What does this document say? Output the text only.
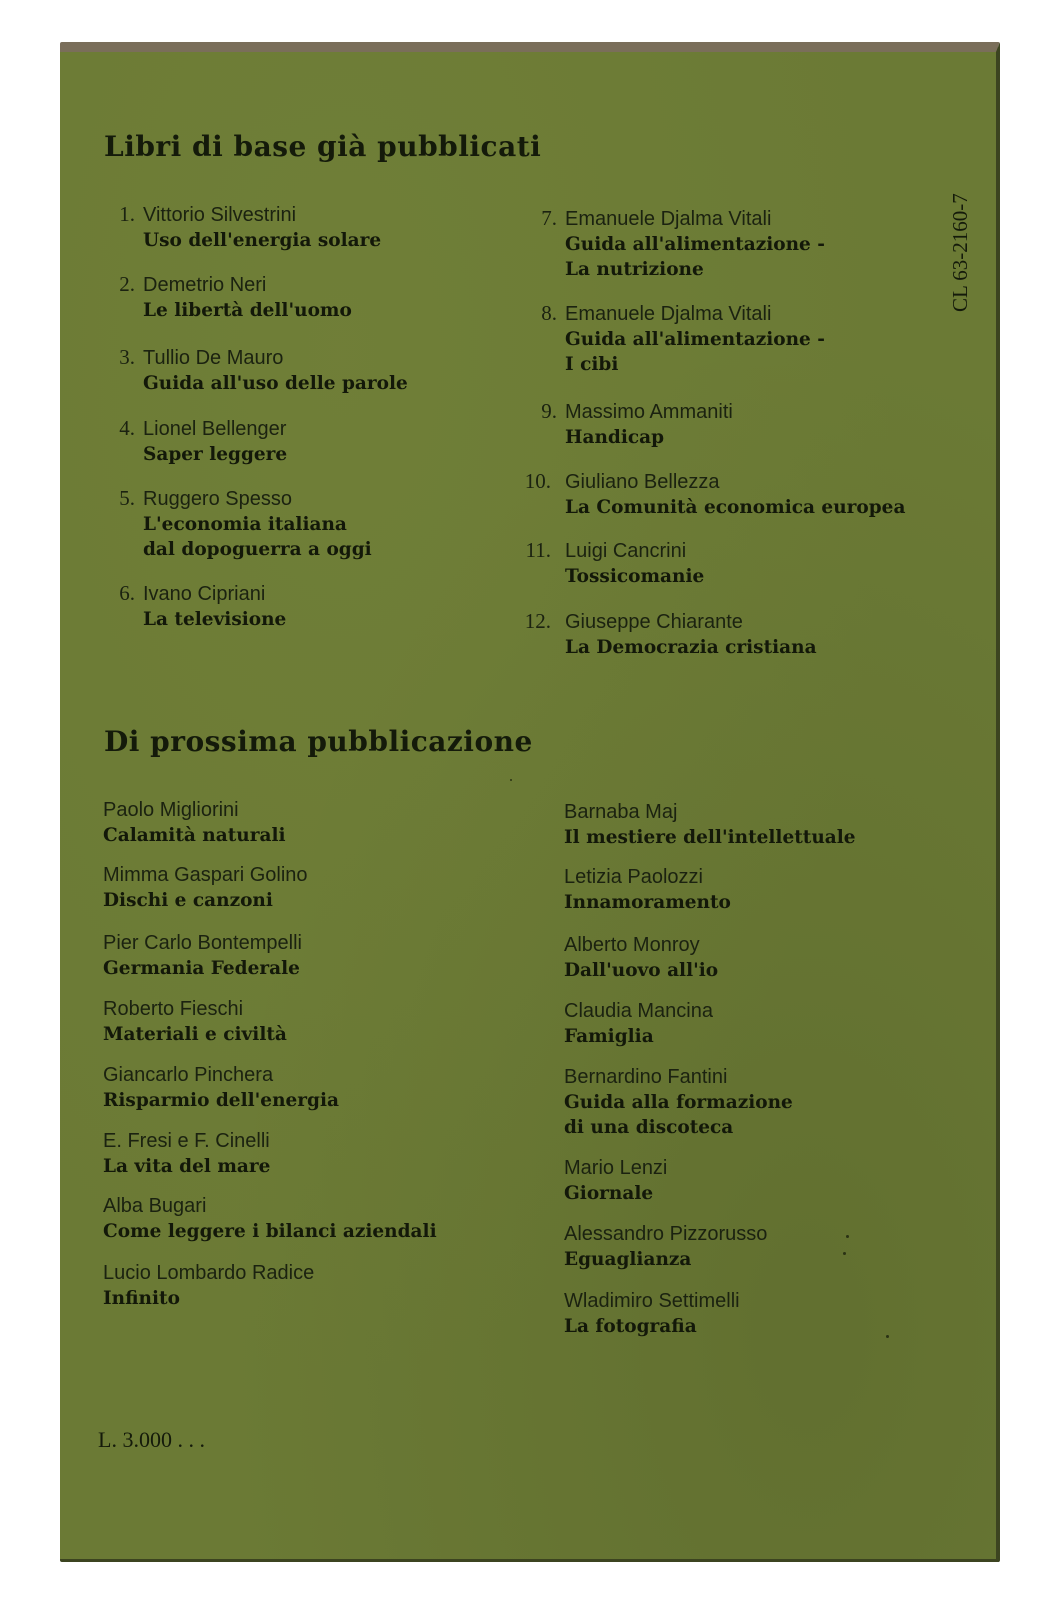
Libri di base già pubblicati
CL 63-2160-7
1. Vittorio Silvestrini
Uso dell'energia solare
2. Demetrio Neri
Le libertà dell'uomo
3. Tullio De Mauro
Guida all'uso delle parole
4. Lionel Bellenger
Saper leggere
5. Ruggero Spesso
L'economia italiana
dal dopoguerra a oggi
6. Ivano Cipriani
La televisione
7. Emanuele Djalma Vitali
Guida all'alimentazione -
La nutrizione
8. Emanuele Djalma Vitali
Guida all'alimentazione -
I cibi
9. Massimo Ammaniti
Handicap
10. Giuliano Bellezza
La Comunità economica europea
11. Luigi Cancrini
Tossicomanie
12. Giuseppe Chiarante
La Democrazia cristiana
Di prossima pubblicazione
Paolo Migliorini
Calamità naturali
Mimma Gaspari Golino
Dischi e canzoni
Pier Carlo Bontempelli
Germania Federale
Roberto Fieschi
Materiali e civiltà
Giancarlo Pinchera
Risparmio dell'energia
E. Fresi e F. Cinelli
La vita del mare
Alba Bugari
Come leggere i bilanci aziendali
Lucio Lombardo Radice
Infinito
Barnaba Maj
Il mestiere dell'intellettuale
Letizia Paolozzi
Innamoramento
Alberto Monroy
Dall'uovo all'io
Claudia Mancina
Famiglia
Bernardino Fantini
Guida alla formazione
di una discoteca
Mario Lenzi
Giornale
Alessandro Pizzorusso
Eguaglianza
Wladimiro Settimelli
La fotografia
L. 3.000 . . .
